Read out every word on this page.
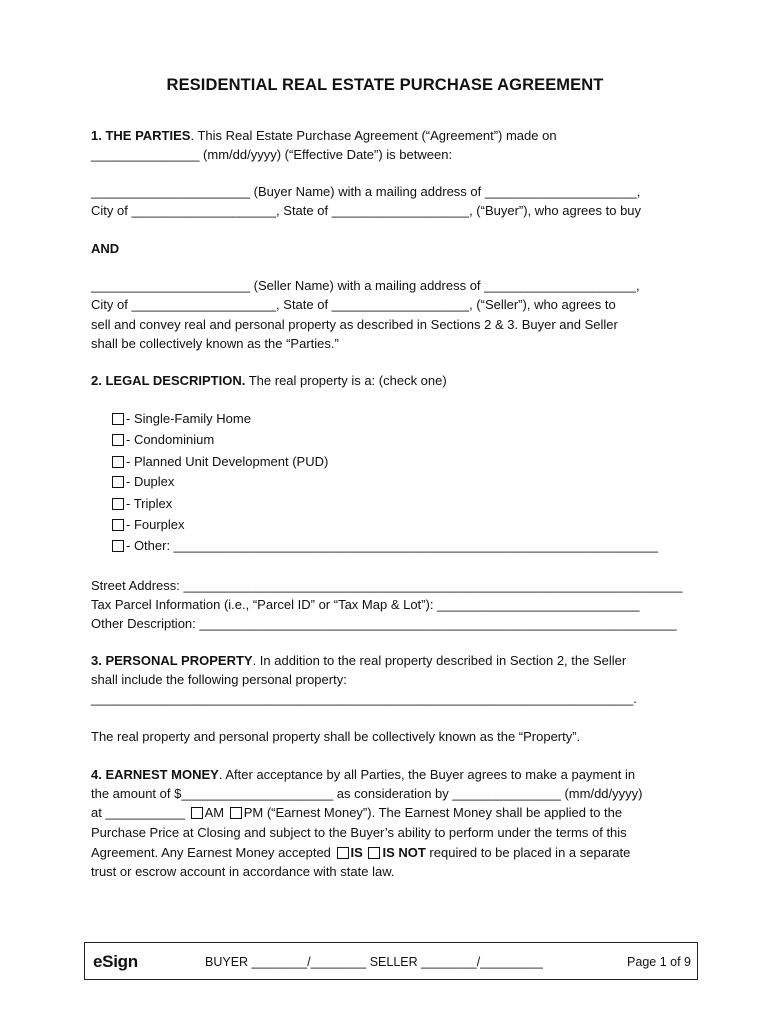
RESIDENTIAL REAL ESTATE PURCHASE AGREEMENT
1. THE PARTIES. This Real Estate Purchase Agreement (“Agreement”) made on
_______________ (mm/dd/yyyy) (“Effective Date”) is between:
______________________ (Buyer Name) with a mailing address of _____________________,
City of ____________________, State of ___________________, (“Buyer”), who agrees to buy
AND
______________________ (Seller Name) with a mailing address of _____________________,
City of ____________________, State of ___________________, (“Seller”), who agrees to
sell and convey real and personal property as described in Sections 2 & 3. Buyer and Seller
shall be collectively known as the “Parties.”
2. LEGAL DESCRIPTION. The real property is a: (check one)
- Single-Family Home
- Condominium
- Planned Unit Development (PUD)
- Duplex
- Triplex
- Fourplex
- Other: ___________________________________________________________________
Street Address: _____________________________________________________________________
Tax Parcel Information (i.e., “Parcel ID” or “Tax Map & Lot”): ____________________________
Other Description: __________________________________________________________________
3. PERSONAL PROPERTY. In addition to the real property described in Section 2, the Seller
shall include the following personal property:
___________________________________________________________________________.
The real property and personal property shall be collectively known as the “Property”.
4. EARNEST MONEY. After acceptance by all Parties, the Buyer agrees to make a payment in
the amount of $_____________________ as consideration by _______________ (mm/dd/yyyy)
at ___________ AM PM (“Earnest Money”). The Earnest Money shall be applied to the
Purchase Price at Closing and subject to the Buyer’s ability to perform under the terms of this
Agreement. Any Earnest Money accepted IS IS NOT required to be placed in a separate
trust or escrow account in accordance with state law.
eSign	BUYER ________/________ SELLER ________/_________	Page 1 of 9
